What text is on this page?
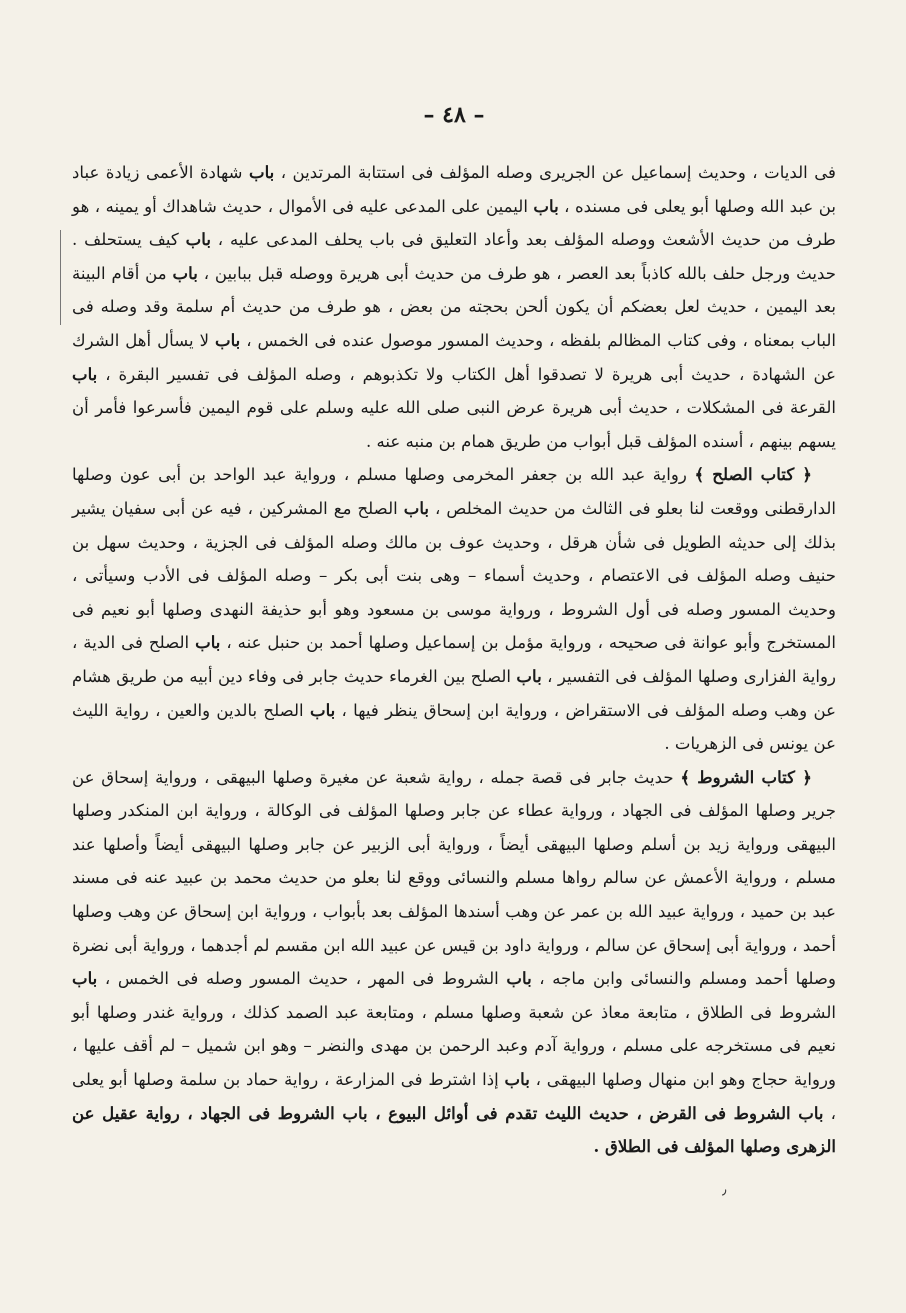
– ٤٨ –

فى الديات ، وحديث إسماعيل عن الجريرى وصله المؤلف فى استتابة المرتدين ، باب شهادة الأعمى زيادة عباد بن عبد الله وصلها أبو يعلى فى مسنده ، باب اليمين على المدعى عليه فى الأموال ، حديث شاهداك أو يمينه ، هو طرف من حديث الأشعث ووصله المؤلف بعد وأعاد التعليق فى باب يحلف المدعى عليه ، باب كيف يستحلف . حديث ورجل حلف بالله كاذباً بعد العصر ، هو طرف من حديث أبى هريرة ووصله قبل ببابين ، باب من أقام البينة بعد اليمين ، حديث لعل بعضكم أن يكون ألحن بحجته من بعض ، هو طرف من حديث أم سلمة وقد وصله فى الباب بمعناه ، وفى كتاب المظالم بلفظه ، وحديث المسور موصول عنده فى الخمس ، باب لا يسأل أهل الشرك عن الشهادة ، حديث أبى هريرة لا تصدقوا أهل الكتاب ولا تكذبوهم ، وصله المؤلف فى تفسير البقرة ، باب القرعة فى المشكلات ، حديث أبى هريرة عرض النبى صلى الله عليه وسلم على قوم اليمين فأسرعوا فأمر أن يسهم بينهم ، أسنده المؤلف قبل أبواب من طريق همام بن منبه عنه .

﴿ كتاب الصلح ﴾ رواية عبد الله بن جعفر المخرمى وصلها مسلم ، ورواية عبد الواحد بن أبى عون وصلها الدارقطنى ووقعت لنا بعلو فى الثالث من حديث المخلص ، باب الصلح مع المشركين ، فيه عن أبى سفيان يشير بذلك إلى حديثه الطويل فى شأن هرقل ، وحديث عوف بن مالك وصله المؤلف فى الجزية ، وحديث سهل بن حنيف وصله المؤلف فى الاعتصام ، وحديث أسماء – وهى بنت أبى بكر – وصله المؤلف فى الأدب وسيأتى ، وحديث المسور وصله فى أول الشروط ، ورواية موسى بن مسعود وهو أبو حذيفة النهدى وصلها أبو نعيم فى المستخرج وأبو عوانة فى صحيحه ، ورواية مؤمل بن إسماعيل وصلها أحمد بن حنبل عنه ، باب الصلح فى الدية ، رواية الفزارى وصلها المؤلف فى التفسير ، باب الصلح بين الغرماء حديث جابر فى وفاء دين أبيه من طريق هشام عن وهب وصله المؤلف فى الاستقراض ، ورواية ابن إسحاق ينظر فيها ، باب الصلح بالدين والعين ، رواية الليث عن يونس فى الزهريات .

﴿ كتاب الشروط ﴾ حديث جابر فى قصة جمله ، رواية شعبة عن مغيرة وصلها البيهقى ، ورواية إسحاق عن جرير وصلها المؤلف فى الجهاد ، ورواية عطاء عن جابر وصلها المؤلف فى الوكالة ، ورواية ابن المنكدر وصلها البيهقى ورواية زيد بن أسلم وصلها البيهقى أيضاً ، ورواية أبى الزبير عن جابر وصلها البيهقى أيضاً وأصلها عند مسلم ، ورواية الأعمش عن سالم رواها مسلم والنسائى ووقع لنا بعلو من حديث محمد بن عبيد عنه فى مسند عبد بن حميد ، ورواية عبيد الله بن عمر عن وهب أسندها المؤلف بعد بأبواب ، ورواية ابن إسحاق عن وهب وصلها أحمد ، ورواية أبى إسحاق عن سالم ، ورواية داود بن قيس عن عبيد الله ابن مقسم لم أجدهما ، ورواية أبى نضرة وصلها أحمد ومسلم والنسائى وابن ماجه ، باب الشروط فى المهر ، حديث المسور وصله فى الخمس ، باب الشروط فى الطلاق ، متابعة معاذ عن شعبة وصلها مسلم ، ومتابعة عبد الصمد كذلك ، ورواية غندر وصلها أبو نعيم فى مستخرجه على مسلم ، ورواية آدم وعبد الرحمن بن مهدى والنضر – وهو ابن شميل – لم أقف عليها ، ورواية حجاج وهو ابن منهال وصلها البيهقى ، باب إذا اشترط فى المزارعة ، رواية حماد بن سلمة وصلها أبو يعلى ، باب الشروط فى القرض ، حديث الليث تقدم فى أوائل البيوع ، باب الشروط فى الجهاد ، رواية عقيل عن الزهرى وصلها المؤلف فى الطلاق .

٫
